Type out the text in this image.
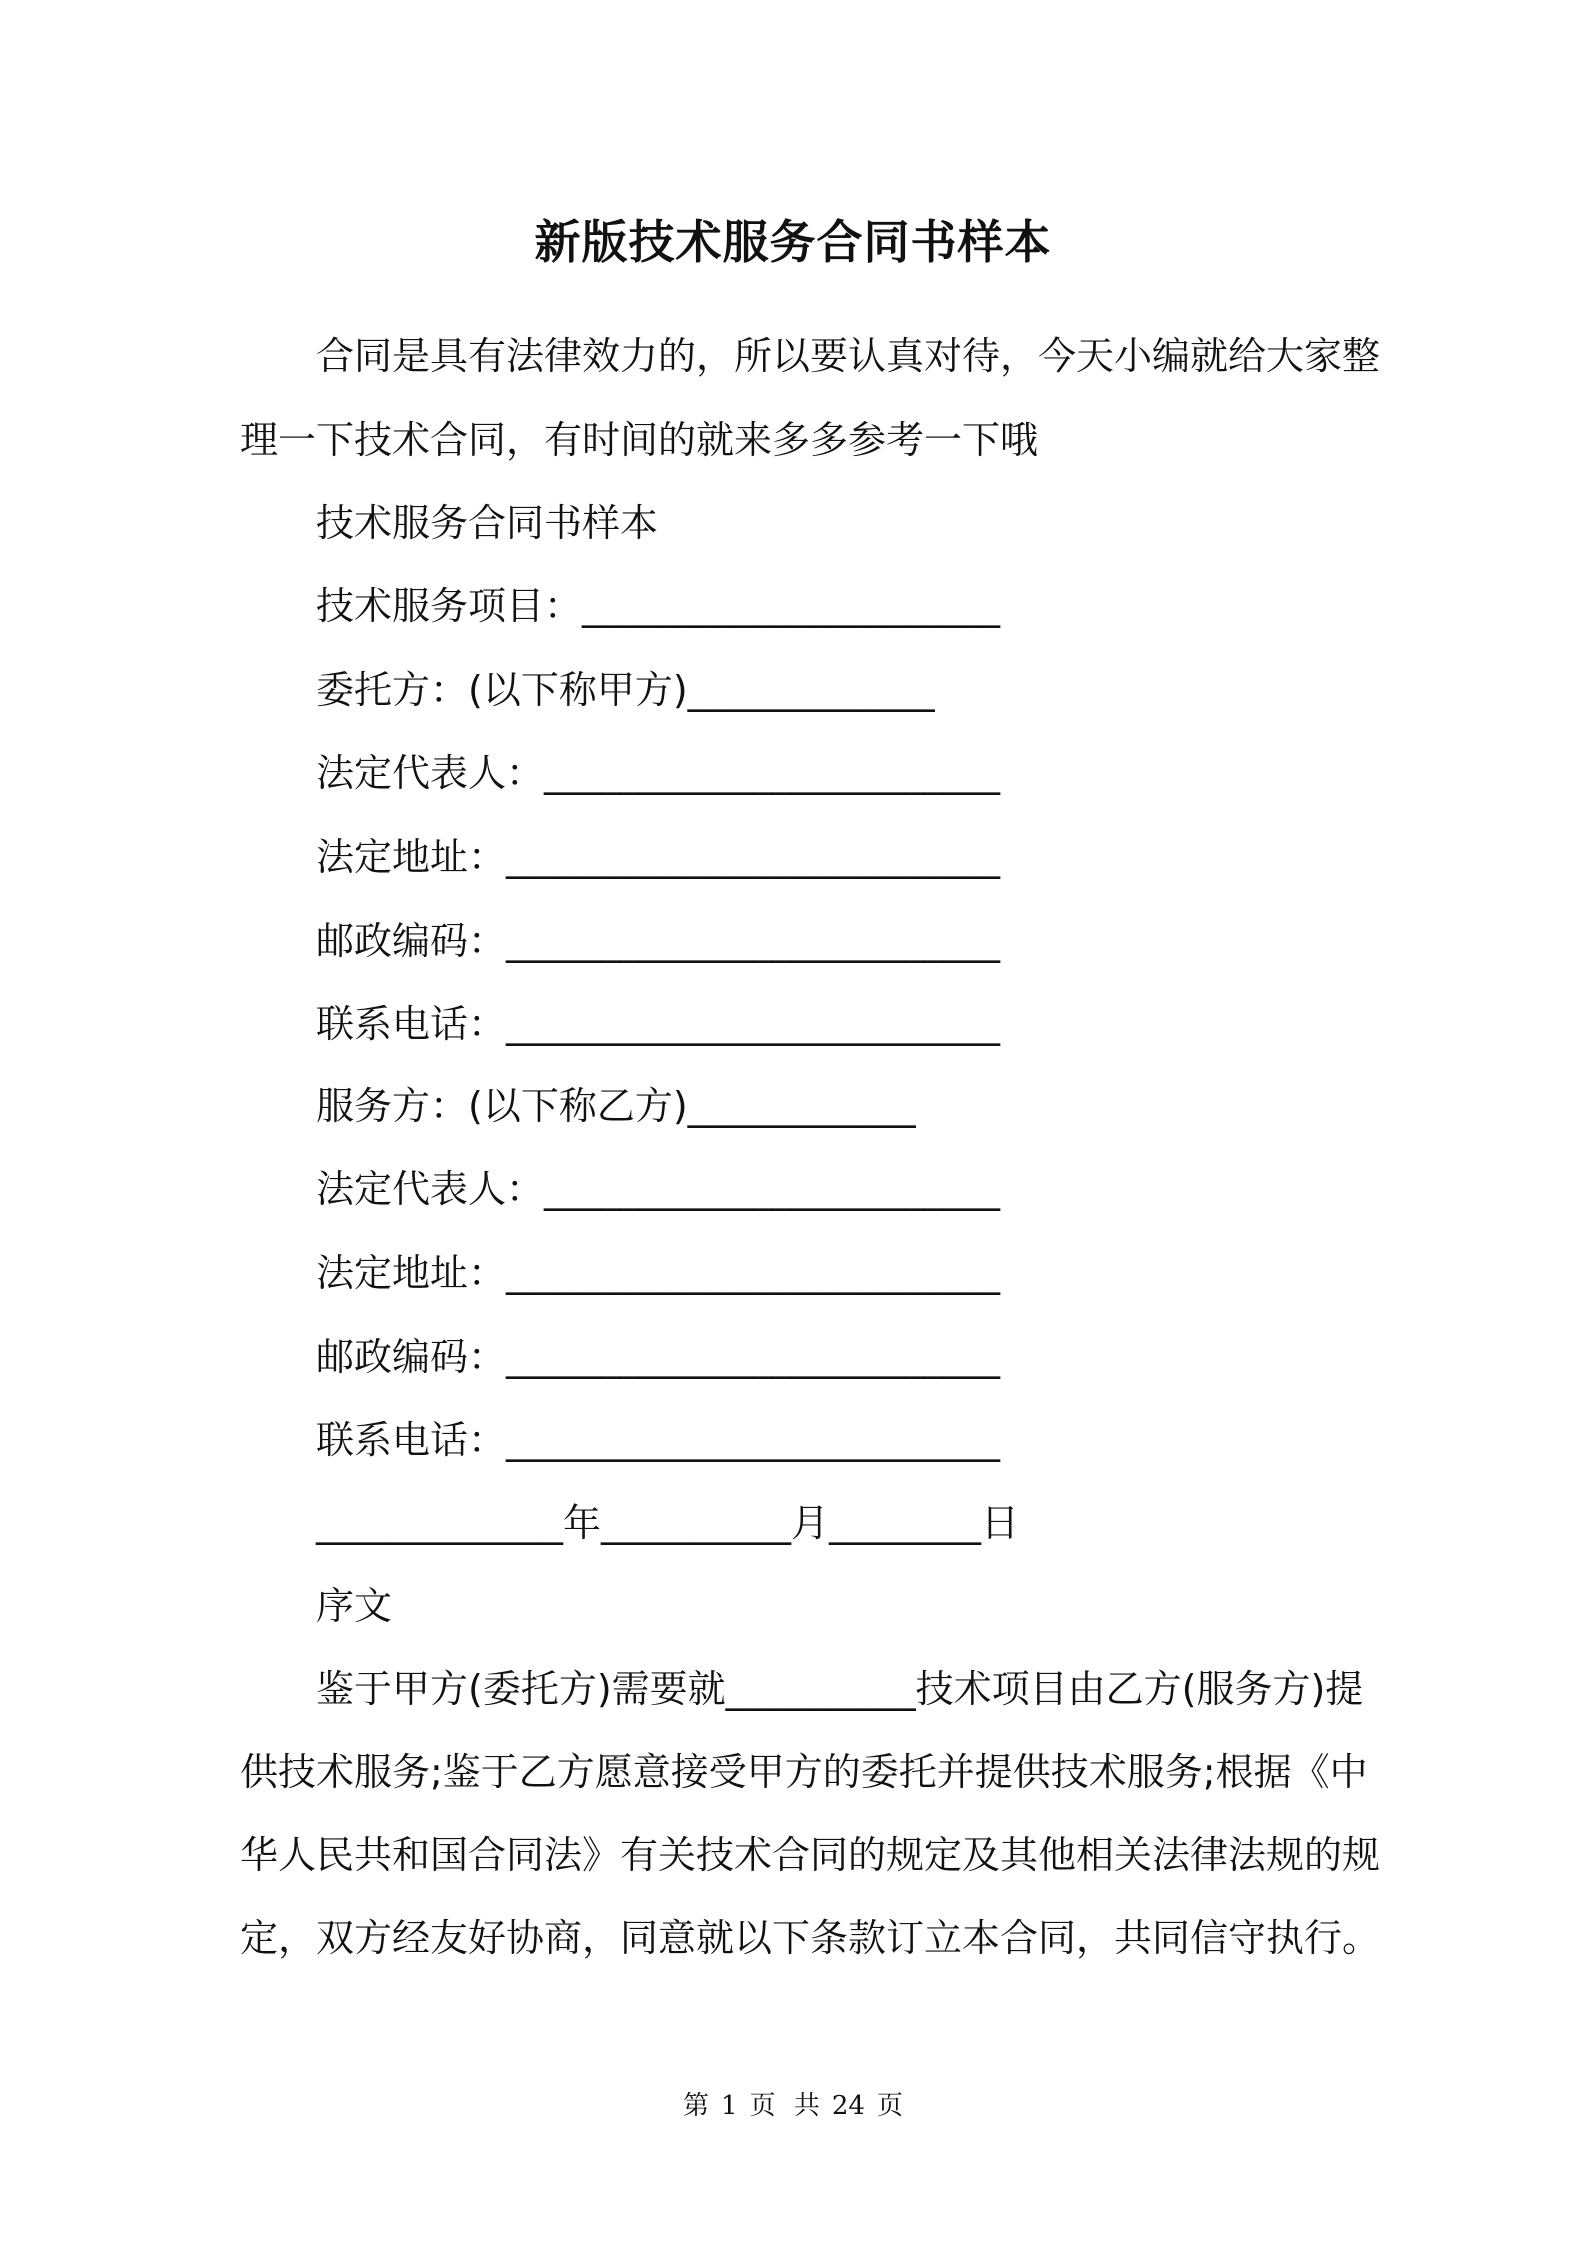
新版技术服务合同书样本
合同是具有法律效力的，所以要认真对待，今天小编就给大家整
理一下技术合同，有时间的就来多多参考一下哦
技术服务合同书样本
技术服务项目：______________________
委托方：(以下称甲方)_____________
法定代表人：________________________
法定地址：__________________________
邮政编码：__________________________
联系电话：__________________________
服务方：(以下称乙方)____________
法定代表人：________________________
法定地址：__________________________
邮政编码：__________________________
联系电话：__________________________
_____________年__________月________日
序文
鉴于甲方(委托方)需要就__________技术项目由乙方(服务方)提
供技术服务;鉴于乙方愿意接受甲方的委托并提供技术服务;根据《中
华人民共和国合同法》有关技术合同的规定及其他相关法律法规的规
定，双方经友好协商，同意就以下条款订立本合同，共同信守执行。
第 1 页 共 24 页
